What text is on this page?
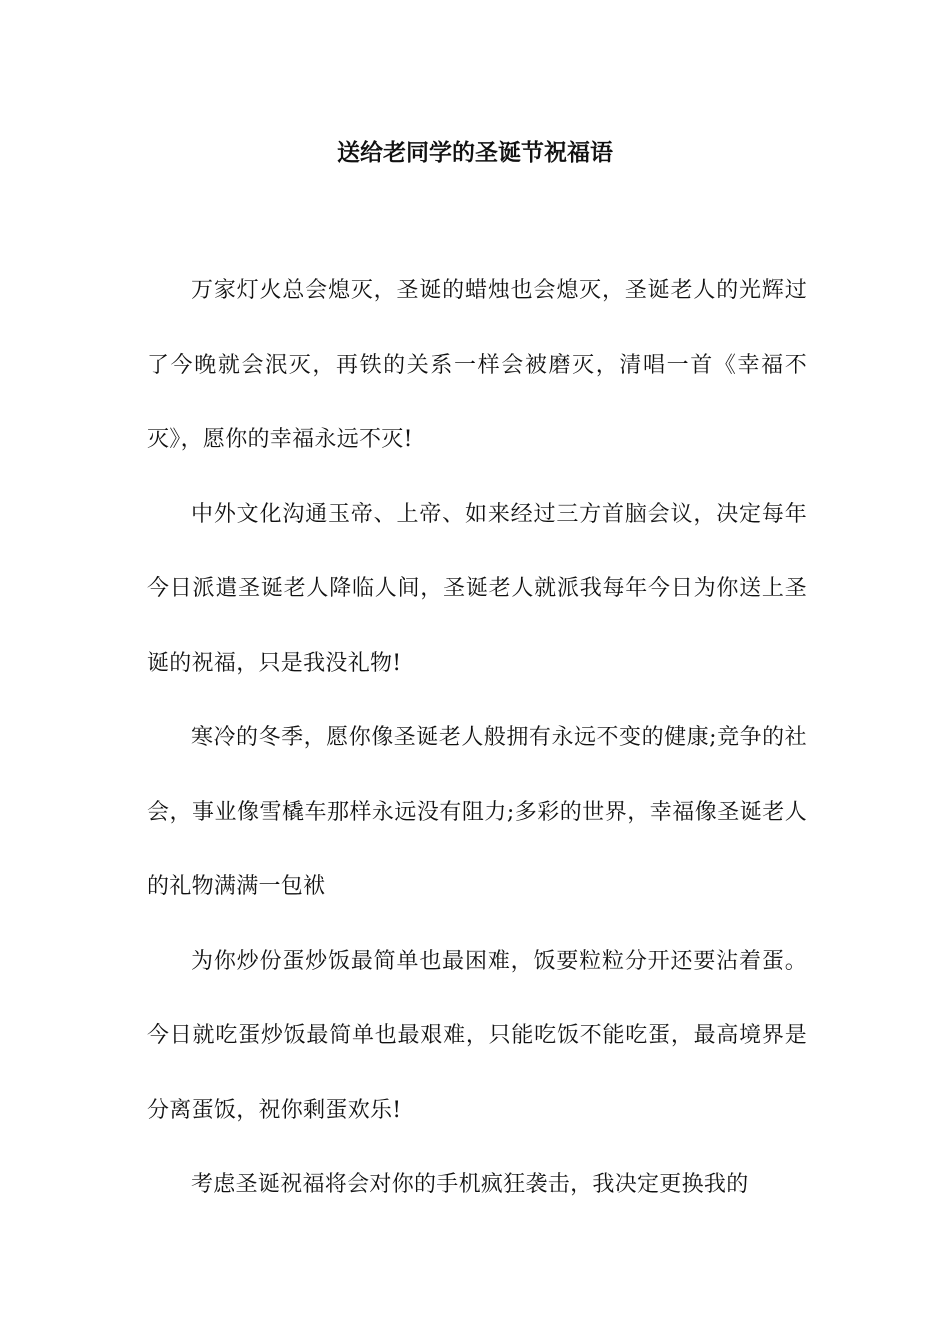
送给老同学的圣诞节祝福语

万家灯火总会熄灭，圣诞的蜡烛也会熄灭，圣诞老人的光辉过了今晚就会泯灭，再铁的关系一样会被磨灭，清唱一首《幸福不灭》，愿你的幸福永远不灭!

中外文化沟通玉帝、上帝、如来经过三方首脑会议，决定每年今日派遣圣诞老人降临人间，圣诞老人就派我每年今日为你送上圣诞的祝福，只是我没礼物!

寒冷的冬季，愿你像圣诞老人般拥有永远不变的健康;竞争的社会，事业像雪橇车那样永远没有阻力;多彩的世界，幸福像圣诞老人的礼物满满一包袱

为你炒份蛋炒饭最简单也最困难，饭要粒粒分开还要沾着蛋。今日就吃蛋炒饭最简单也最艰难，只能吃饭不能吃蛋，最高境界是分离蛋饭，祝你剩蛋欢乐!

考虑圣诞祝福将会对你的手机疯狂袭击，我决定更换我的
